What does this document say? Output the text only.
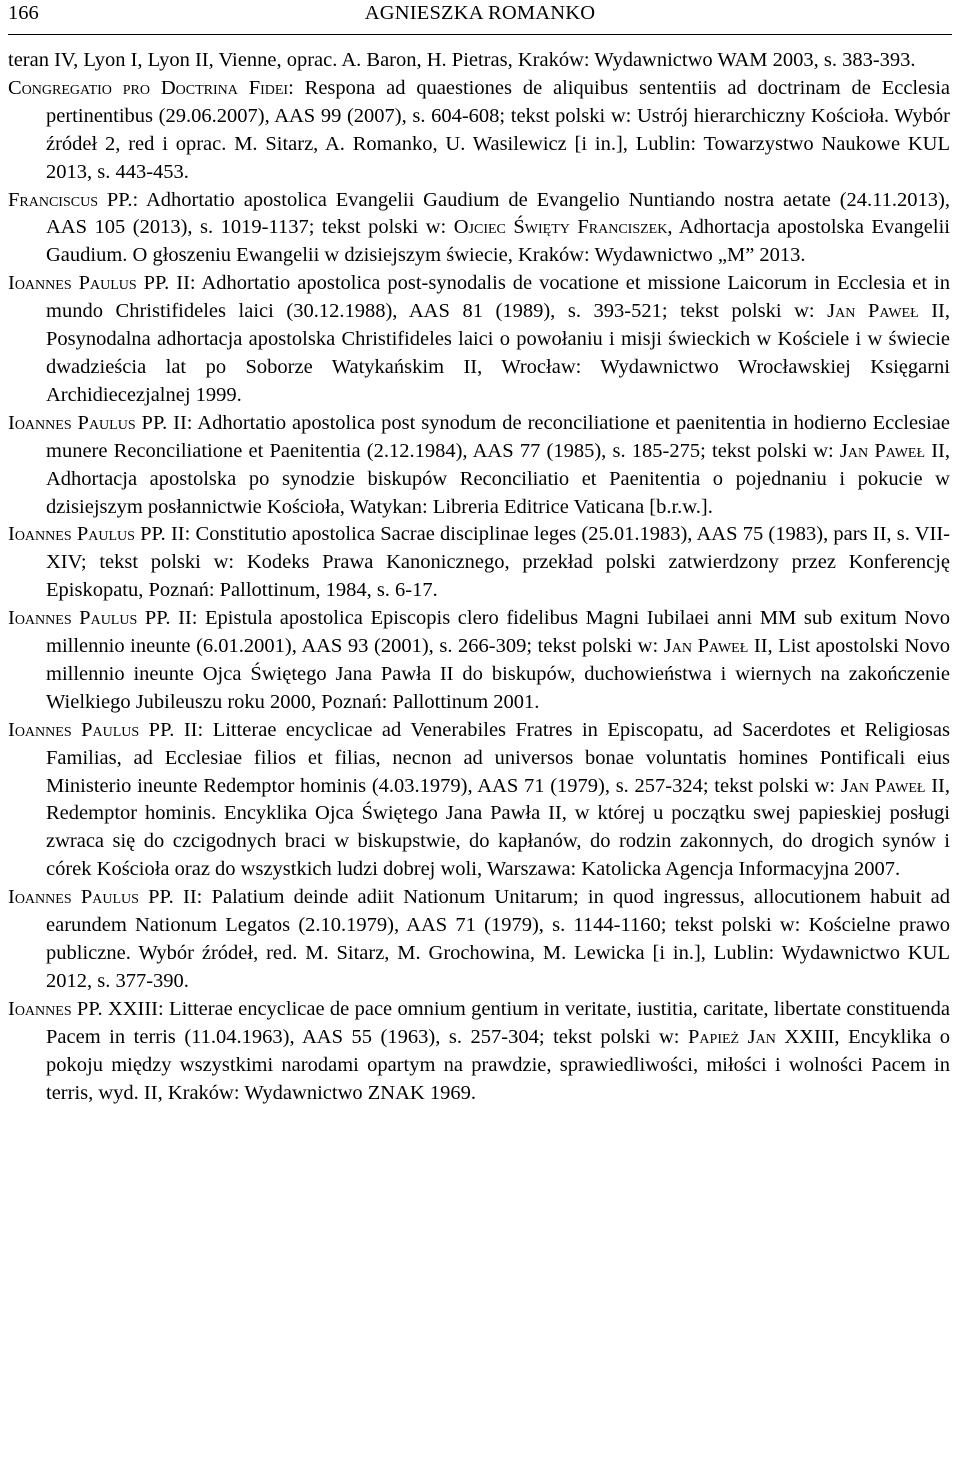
166	AGNIESZKA ROMANKO
teran IV, Lyon I, Lyon II, Vienne, oprac. A. Baron, H. Pietras, Kraków: Wydawnictwo WAM 2003, s. 383-393.
Congregatio pro Doctrina Fidei: Respona ad quaestiones de aliquibus sententiis ad doctrinam de Ecclesia pertinentibus (29.06.2007), AAS 99 (2007), s. 604-608; tekst polski w: Ustrój hierarchiczny Kościoła. Wybór źródeł 2, red i oprac. M. Sitarz, A. Romanko, U. Wasilewicz [i in.], Lublin: Towarzystwo Naukowe KUL 2013, s. 443-453.
Franciscus PP.: Adhortatio apostolica Evangelii Gaudium de Evangelio Nuntiando nostra aetate (24.11.2013), AAS 105 (2013), s. 1019-1137; tekst polski w: Ojciec Święty Franciszek, Adhortacja apostolska Evangelii Gaudium. O głoszeniu Ewangelii w dzisiejszym świecie, Kraków: Wydawnictwo „M” 2013.
Ioannes Paulus PP. II: Adhortatio apostolica post-synodalis de vocatione et missione Laicorum in Ecclesia et in mundo Christifideles laici (30.12.1988), AAS 81 (1989), s. 393-521; tekst polski w: Jan Paweł II, Posynodalna adhortacja apostolska Christifideles laici o powołaniu i misji świeckich w Kościele i w świecie dwadzieścia lat po Soborze Watykańskim II, Wrocław: Wydawnictwo Wrocławskiej Księgarni Archidiecezjalnej 1999.
Ioannes Paulus PP. II: Adhortatio apostolica post synodum de reconciliatione et paenitentia in hodierno Ecclesiae munere Reconciliatione et Paenitentia (2.12.1984), AAS 77 (1985), s. 185-275; tekst polski w: Jan Paweł II, Adhortacja apostolska po synodzie biskupów Reconciliatio et Paenitentia o pojednaniu i pokucie w dzisiejszym posłannictwie Kościoła, Watykan: Libreria Editrice Vaticana [b.r.w.].
Ioannes Paulus PP. II: Constitutio apostolica Sacrae disciplinae leges (25.01.1983), AAS 75 (1983), pars II, s. VII-XIV; tekst polski w: Kodeks Prawa Kanonicznego, przekład polski zatwierdzony przez Konferencję Episkopatu, Poznań: Pallottinum, 1984, s. 6-17.
Ioannes Paulus PP. II: Epistula apostolica Episcopis clero fidelibus Magni Iubilaei anni MM sub exitum Novo millennio ineunte (6.01.2001), AAS 93 (2001), s. 266-309; tekst polski w: Jan Paweł II, List apostolski Novo millennio ineunte Ojca Świętego Jana Pawła II do biskupów, duchowieństwa i wiernych na zakończenie Wielkiego Jubileuszu roku 2000, Poznań: Pallottinum 2001.
Ioannes Paulus PP. II: Litterae encyclicae ad Venerabiles Fratres in Episcopatu, ad Sacerdotes et Religiosas Familias, ad Ecclesiae filios et filias, necnon ad universos bonae voluntatis homines Pontificali eius Ministerio ineunte Redemptor hominis (4.03.1979), AAS 71 (1979), s. 257-324; tekst polski w: Jan Paweł II, Redemptor hominis. Encyklika Ojca Świętego Jana Pawła II, w której u początku swej papieskiej posługi zwraca się do czcigodnych braci w biskupstwie, do kapłanów, do rodzin zakonnych, do drogich synów i córek Kościoła oraz do wszystkich ludzi dobrej woli, Warszawa: Katolicka Agencja Informacyjna 2007.
Ioannes Paulus PP. II: Palatium deinde adiit Nationum Unitarum; in quod ingressus, allocutionem habuit ad earundem Nationum Legatos (2.10.1979), AAS 71 (1979), s. 1144-1160; tekst polski w: Kościelne prawo publiczne. Wybór źródeł, red. M. Sitarz, M. Grochowina, M. Lewicka [i in.], Lublin: Wydawnictwo KUL 2012, s. 377-390.
Ioannes PP. XXIII: Litterae encyclicae de pace omnium gentium in veritate, iustitia, caritate, libertate constituenda Pacem in terris (11.04.1963), AAS 55 (1963), s. 257-304; tekst polski w: Papież Jan XXIII, Encyklika o pokoju między wszystkimi narodami opartym na prawdzie, sprawiedliwości, miłości i wolności Pacem in terris, wyd. II, Kraków: Wydawnictwo ZNAK 1969.
